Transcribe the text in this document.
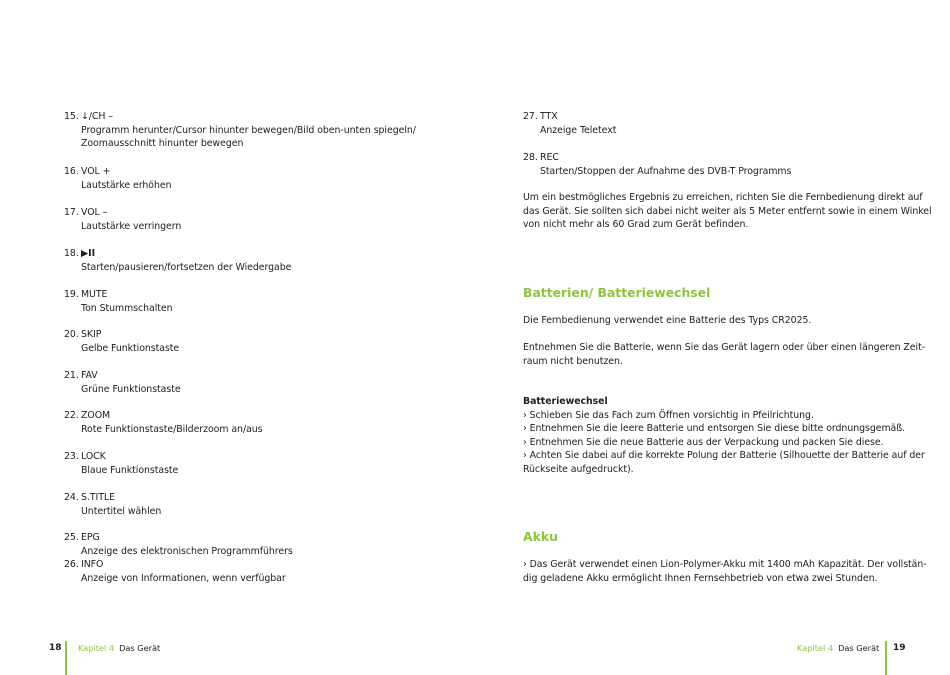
15. ↓/CH –
Programm herunter/Cursor hinunter bewegen/Bild oben-unten spiegeln/
Zoomausschnitt hinunter bewegen
16. VOL +
Lautstärke erhöhen
17. VOL –
Lautstärke verringern
18. ▶II
Starten/pausieren/fortsetzen der Wiedergabe
19. MUTE
Ton Stummschalten
20. SKIP
Gelbe Funktionstaste
21. FAV
Grüne Funktionstaste
22. ZOOM
Rote Funktionstaste/Bilderzoom an/aus
23. LOCK
Blaue Funktionstaste
24. S.TITLE
Untertitel wählen
25. EPG
Anzeige des elektronischen Programmführers
26. INFO
Anzeige von Informationen, wenn verfügbar
18 Kapitel 4 Das Gerät
27. TTX
Anzeige Teletext
28. REC
Starten/Stoppen der Aufnahme des DVB-T Programms
Um ein bestmögliches Ergebnis zu erreichen, richten Sie die Fernbedienung direkt auf
das Gerät. Sie sollten sich dabei nicht weiter als 5 Meter entfernt sowie in einem Winkel
von nicht mehr als 60 Grad zum Gerät befinden.
Batterien/ Batteriewechsel
Die Fernbedienung verwendet eine Batterie des Typs CR2025.
Entnehmen Sie die Batterie, wenn Sie das Gerät lagern oder über einen längeren Zeit-
raum nicht benutzen.
Batteriewechsel
› Schieben Sie das Fach zum Öffnen vorsichtig in Pfeilrichtung.
› Entnehmen Sie die leere Batterie und entsorgen Sie diese bitte ordnungsgemäß.
› Entnehmen Sie die neue Batterie aus der Verpackung und packen Sie diese.
› Achten Sie dabei auf die korrekte Polung der Batterie (Silhouette der Batterie auf der
Rückseite aufgedruckt).
Akku
› Das Gerät verwendet einen Lion-Polymer-Akku mit 1400 mAh Kapazität. Der vollstän-
dig geladene Akku ermöglicht Ihnen Fernsehbetrieb von etwa zwei Stunden.
Kapitel 4 Das Gerät 19
